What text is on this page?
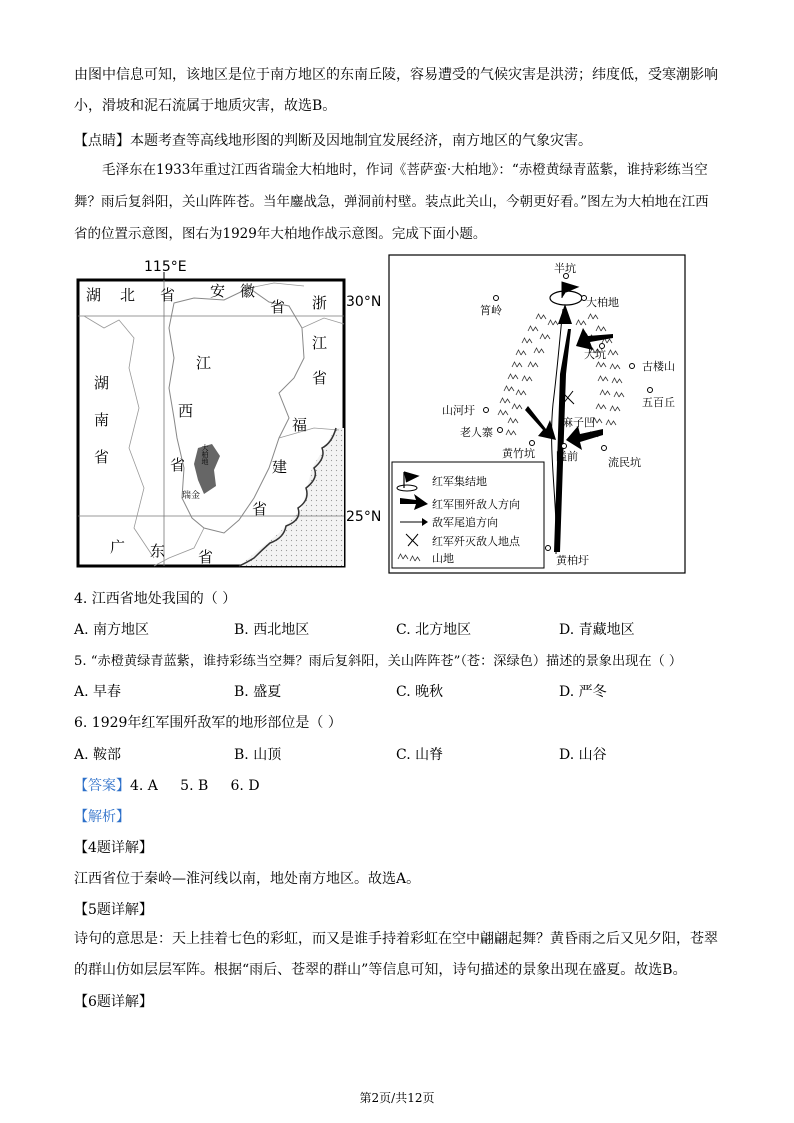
由图中信息可知，该地区是位于南方地区的东南丘陵，容易遭受的气候灾害是洪涝；纬度低，受寒潮影响小，滑坡和泥石流属于地质灾害，故选B。
【点睛】本题考查等高线地形图的判断及因地制宜发展经济，南方地区的气象灾害。
毛泽东在1933年重过江西省瑞金大柏地时，作词《菩萨蛮·大柏地》：“赤橙黄绿青蓝紫，谁持彩练当空舞？雨后复斜阳，关山阵阵苍。当年鏖战急，弹洞前村壁。装点此关山，今朝更好看。”图左为大柏地在江西省的位置示意图，图右为1929年大柏地作战示意图。完成下面小题。
115°E
30°N
25°N
湖 北 省 安 徽
省 浙
江
省
湖
南
省
江
西
省
福
建
省
广 东 省
大柏地
瑞金
半坑
筲岭
大柏地
大坑
古楼山
五百丘
山河圩
老人寨
麻子凹
黄竹坑 隘前	流民坑
黄柏圩
红军集结地
红军围歼敌人方向
敌军尾追方向
红军歼灭敌人地点
山地
4. 江西省地处我国的（ ）
A. 南方地区	B. 西北地区	C. 北方地区	D. 青藏地区
5. “赤橙黄绿青蓝紫，谁持彩练当空舞？雨后复斜阳，关山阵阵苍”（苍：深绿色）描述的景象出现在（ ）
A. 早春	B. 盛夏	C. 晚秋	D. 严冬
6. 1929年红军围歼敌军的地形部位是（ ）
A. 鞍部	B. 山顶	C. 山脊	D. 山谷
【答案】4. A     5. B     6. D
【解析】
【4题详解】
江西省位于秦岭—淮河线以南，地处南方地区。故选A。
【5题详解】
诗句的意思是：天上挂着七色的彩虹，而又是谁手持着彩虹在空中翩翩起舞？黄昏雨之后又见夕阳，苍翠的群山仿如层层军阵。根据“雨后、苍翠的群山”等信息可知，诗句描述的景象出现在盛夏。故选B。
【6题详解】
第2页/共12页
